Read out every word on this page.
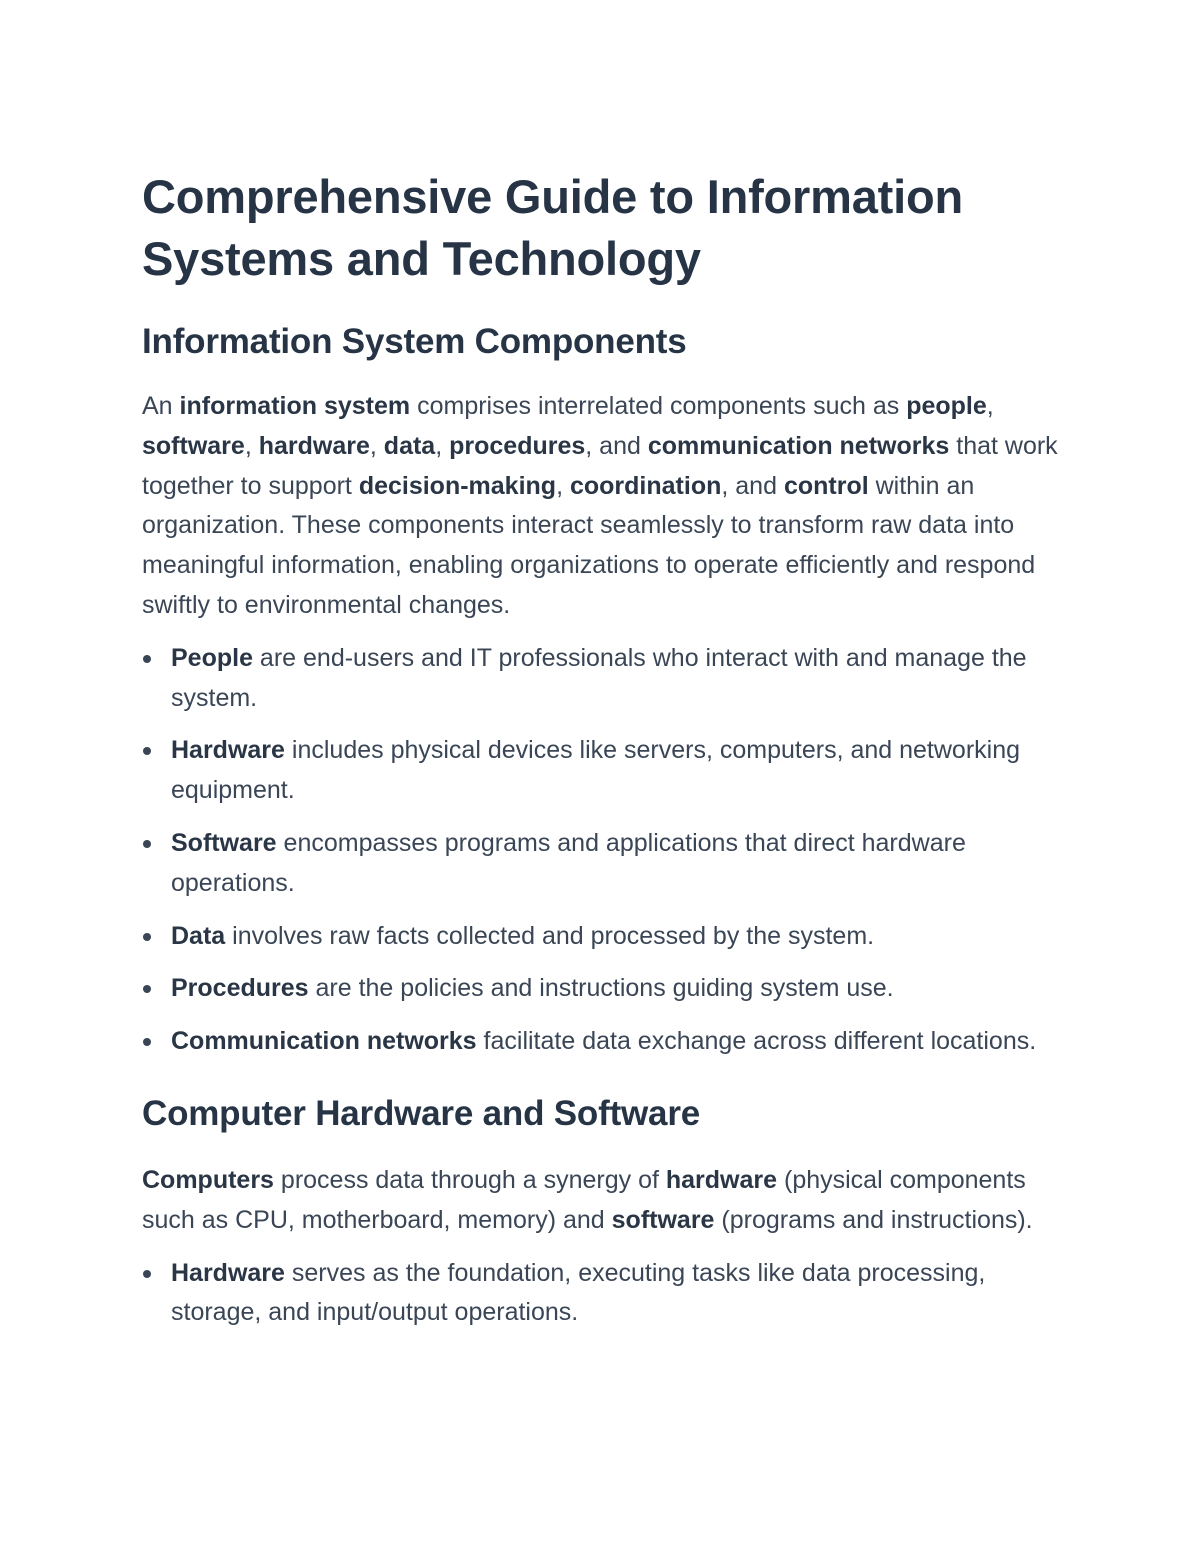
Comprehensive Guide to Information Systems and Technology
Information System Components

An information system comprises interrelated components such as people, software, hardware, data, procedures, and communication networks that work together to support decision-making, coordination, and control within an organization. These components interact seamlessly to transform raw data into meaningful information, enabling organizations to operate efficiently and respond swiftly to environmental changes.

People are end-users and IT professionals who interact with and manage the system.
Hardware includes physical devices like servers, computers, and networking equipment.
Software encompasses programs and applications that direct hardware operations.
Data involves raw facts collected and processed by the system.
Procedures are the policies and instructions guiding system use.
Communication networks facilitate data exchange across different locations.
Computer Hardware and Software

Computers process data through a synergy of hardware (physical components such as CPU, motherboard, memory) and software (programs and instructions).

Hardware serves as the foundation, executing tasks like data processing, storage, and input/output operations.
